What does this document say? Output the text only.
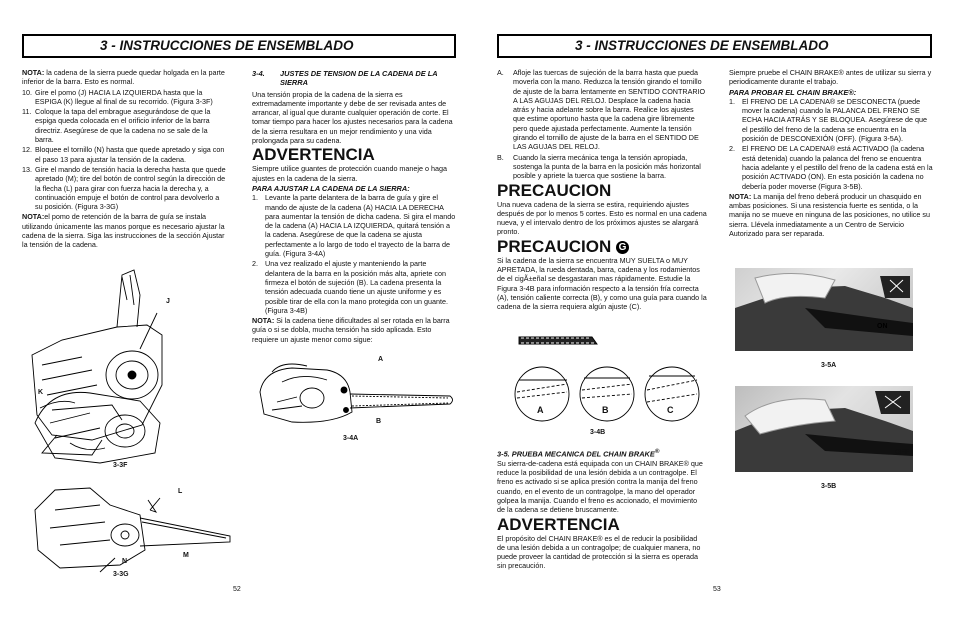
3 - INSTRUCCIONES DE ENSEMBLADO

NOTA: la cadena de la sierra puede quedar holgada en la parte inferior de la barra. Esto es normal.

10. Gire el pomo (J) HACIA LA IZQUIERDA hasta que la ESPIGA (K) llegue al final de su recorrido. (Figura 3-3F)
11. Coloque la tapa del embrague asegurándose de que la espiga queda colocada en el orificio inferior de la barra directriz. Asegúrese de que la cadena no se sale de la barra.
12. Bloquee el tornillo (N) hasta que quede apretado y siga con el paso 13 para ajustar la tensión de la cadena.
13. Gire el mando de tensión hacia la derecha hasta que quede apretado (M); tire del botón de control según la dirección de la flecha (L) para girar con fuerza hacia la derecha y, a continuación empuje el botón de control para devolverlo a su posición. (Figura 3-3G)

NOTA:el pomo de retención de la barra de guía se instala utilizando únicamente las manos porque es necesario ajustar la cadena de la sierra. Siga las instrucciones de la sección Ajustar la tensión de la cadena.

J
K
3-3F
L
M
N
3-3G
3-4.	JUSTES DE TENSION DE LA CADENA DE LA SIERRA

Una tensión propia de la cadena de la sierra es extremadamente importante y debe de ser revisada antes de arrancar, al igual que durante cualquier operación de corte. El tomar tiempo para hacer los ajustes necesarios para la cadena de la sierra resultara en un mejor rendimiento y una vida prolongada para su cadena.

ADVERTENCIA

Siempre utilice guantes de protección cuando maneje o haga ajustes en la cadena de la sierra.

PARA AJUSTAR LA CADENA DE LA SIERRA:
1. Levante la parte delantera de la barra de guía y gire el mando de ajuste de la cadena (A) HACIA LA DERECHA para aumentar la tensión de dicha cadena. Si gira el mando de la cadena (A) HACIA LA IZQUIERDA, quitará tensión a la cadena. Asegúrese de que la cadena se ajusta perfectamente a lo largo de todo el trayecto de la barra de guía. (Figura 3-4A)
2. Una vez realizado el ajuste y manteniendo la parte delantera de la barra en la posición más alta, apriete con firmeza el botón de sujeción (B). La cadena presenta la tensión adecuada cuando tiene un ajuste uniforme y es posible tirar de ella con la mano protegida con un guante. (Figura 3-4B)

NOTA: Si la cadena tiene dificultades al ser rotada en la barra guía o si se dobla, mucha tensión ha sido aplicada. Esto requiere un ajuste menor como sigue:

A
B
3-4A
52
3 - INSTRUCCIONES DE ENSEMBLADO
A. Afloje las tuercas de sujeción de la barra hasta que pueda moverla con la mano. Reduzca la tensión girando el tornillo de ajuste de la barra lentamente en SENTIDO CONTRARIO A LAS AGUJAS DEL RELOJ. Desplace la cadena hacia atrás y hacia adelante sobre la barra. Realice los ajustes que estime oportuno hasta que la cadena gire libremente pero quede ajustada perfectamente. Aumente la tensión girando el tornillo de ajuste de la barra en el SENTIDO DE LAS AGUJAS DEL RELOJ.
B. Cuando la sierra mecánica tenga la tensión apropiada, sostenga la punta de la barra en la posición más horizontal posible y apriete la tuerca que sostiene la barra.
PRECAUCION

Una nueva cadena de la sierra se estira, requiriendo ajustes después de por lo menos 5 cortes. Esto es normal en una cadena nueva, y el intervalo dentro de los próximos ajustes se alargará pronto.

PRECAUCION G

Si la cadena de la sierra se encuentra MUY SUELTA o MUY APRETADA, la rueda dentada, barra, cadena y los rodamientos de el cigÃ±eñal se desgastaran mas rápidamente. Estudie la Figura 3-4B para información respecto a la tensión fría correcta (A), tensión caliente correcta (B), y como una guía para cuando la cadena de la sierra requiera algún ajuste (C).

A	B	C
3-4B
3-5. PRUEBA MECANICA DEL CHAIN BRAKE®

Su sierra-de-cadena está equipada con un CHAIN BRAKE® que reduce la posibilidad de una lesión debida a un contragolpe. El freno es activado si se aplica presión contra la manija del freno cuando, en el evento de un contragolpe, la mano del operador golpea la manija. Cuando el freno es accionado, el movimiento de la cadena se detiene bruscamente.

ADVERTENCIA

El propósito del CHAIN BRAKE® es el de reducir la posibilidad de una lesión debida a un contragolpe; de cualquier manera, no puede proveer la cantidad de protección si la sierra es operada sin precaución.

Siempre pruebe el CHAIN BRAKE® antes de utilizar su sierra y periodicamente durante el trabajo.

PARA PROBAR EL CHAIN BRAKE®:
1. El FRENO DE LA CADENA® se DESCONECTA (puede mover la cadena) cuando la PALANCA DEL FRENO SE ECHA HACIA ATRÁS Y SE BLOQUEA. Asegúrese de que el pestillo del freno de la cadena se encuentra en la posición de DESCONEXIÓN (OFF). (Figura 3-5A).
2. El FRENO DE LA CADENA® está ACTIVADO (la cadena está detenida) cuando la palanca del freno se encuentra hacia adelante y el pestillo del freno de la cadena está en la posición ACTIVADO (ON). En esta posición la cadena no debería poder moverse (Figura 3-5B).

NOTA: La manija del freno deberá producir un chasquido en ambas posiciones. Si una resistencia fuerte es sentida, o la manija no se mueve en ninguna de las posiciones, no utilice su sierra. Llévela inmediatamente a un Centro de Servicio Autorizado para ser reparada.

ON
3-5A
OFF
3-5B
53
